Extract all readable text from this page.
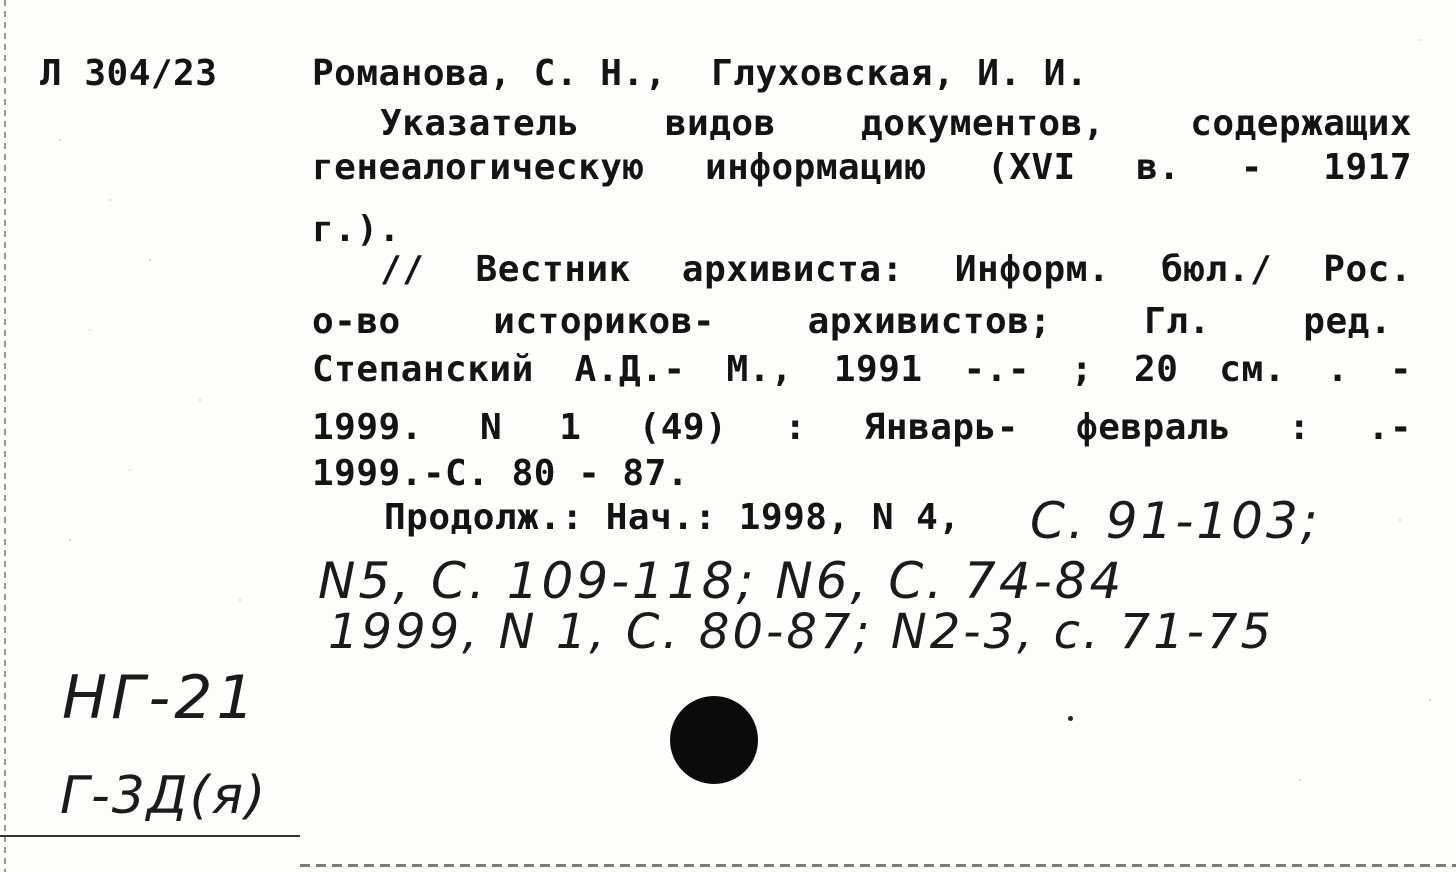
Л 304/23	Романова, С. Н.,  Глуховская, И. И.
Указатель видов документов, содержащих
генеалогическую информацию (XVI в. - 1917
г.).
// Вестник архивиста: Информ. бюл./ Рос.
о-во историков- архивистов; Гл. ред.
Степанский А.Д.- М., 1991 -.- ; 20 см. . -
1999. N 1 (49) : Январь- февраль : .-
1999.-С. 80 - 87.
Продолж.: Нач.: 1998, N 4, С. 91-103;
N5, С. 109-118; N6, С. 74-84
1999, N 1, С. 80-87; N2-3, с. 71-75
НГ-21
Г-3Д(я)
